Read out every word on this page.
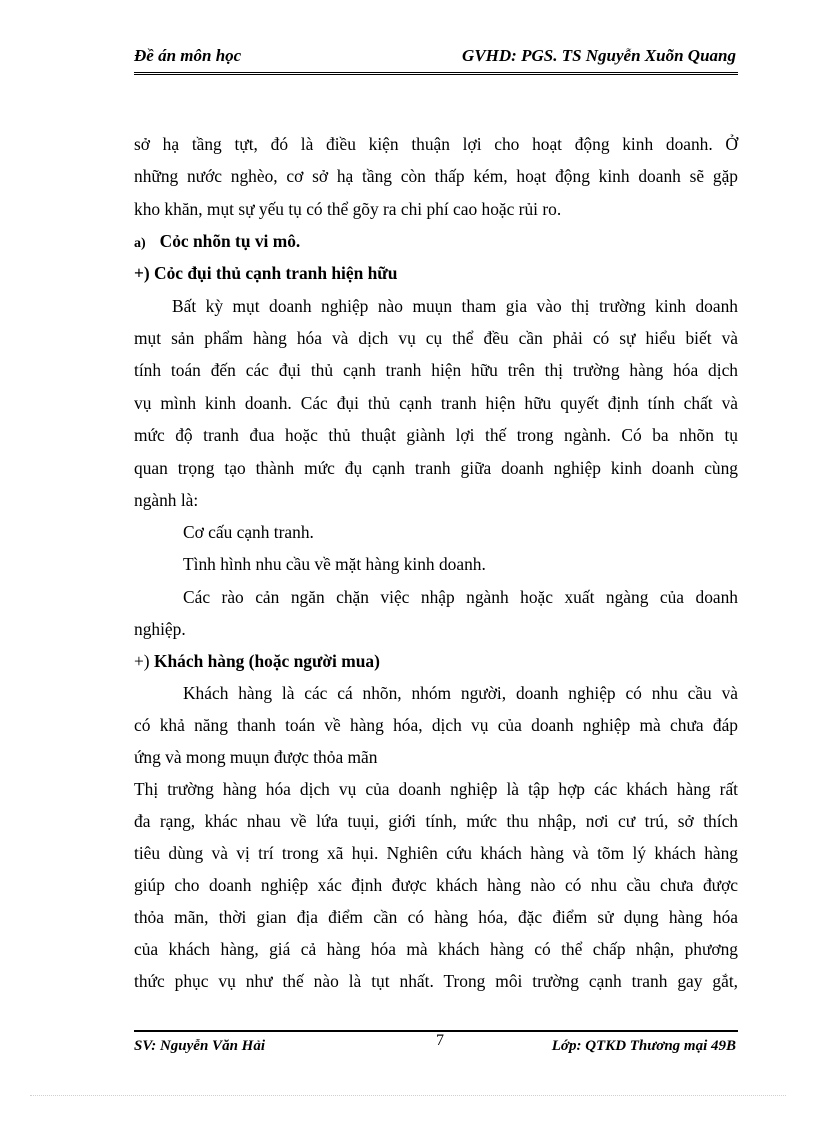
Đề án môn học	GVHD: PGS. TS Nguyễn Xuõn Quang
sở hạ tầng tựt, đó là điều kiện thuận lợi cho hoạt động kinh doanh. Ở
những nước nghèo, cơ sở hạ tầng còn thấp kém, hoạt động kinh doanh sẽ gặp
kho khăn, mụt sự yếu tụ có thể gõy ra chi phí cao hoặc rủi ro.
a) Cỏc nhõn tụ vi mô.
+) Cỏc đụi thủ cạnh tranh hiện hữu
Bất kỳ mụt doanh nghiệp nào muụn tham gia vào thị trường kinh doanh
mụt sản phẩm hàng hóa và dịch vụ cụ thể đều cần phải có sự hiểu biết và
tính toán đến các đụi thủ cạnh tranh hiện hữu trên thị trường hàng hóa dịch
vụ mình kinh doanh. Các đụi thủ cạnh tranh hiện hữu quyết định tính chất và
mức độ tranh đua hoặc thủ thuật giành lợi thế trong ngành. Có ba nhõn tụ
quan trọng tạo thành mức đụ cạnh tranh giữa doanh nghiệp kinh doanh cùng
ngành là:
Cơ cấu cạnh tranh.
Tình hình nhu cầu về mặt hàng kinh doanh.
Các rào cản ngăn chặn việc nhập ngành hoặc xuất ngàng của doanh
nghiệp.
+) Khách hàng (hoặc người mua)
Khách hàng là các cá nhõn, nhóm người, doanh nghiệp có nhu cầu và
có khả năng thanh toán về hàng hóa, dịch vụ của doanh nghiệp mà chưa đáp
ứng và mong muụn được thỏa mãn
Thị trường hàng hóa dịch vụ của doanh nghiệp là tập hợp các khách hàng rất
đa rạng, khác nhau về lứa tuụi, giới tính, mức thu nhập, nơi cư trú, sở thích
tiêu dùng và vị trí trong xã hụi. Nghiên cứu khách hàng và tõm lý khách hàng
giúp cho doanh nghiệp xác định được khách hàng nào có nhu cầu chưa được
thỏa mãn, thời gian địa điểm cần có hàng hóa, đặc điểm sử dụng hàng hóa
của khách hàng, giá cả hàng hóa mà khách hàng có thể chấp nhận, phương
thức phục vụ như thế nào là tụt nhất. Trong môi trường cạnh tranh gay gắt,
SV: Nguyễn Văn Hải	7	Lớp: QTKD Thương mại 49B
